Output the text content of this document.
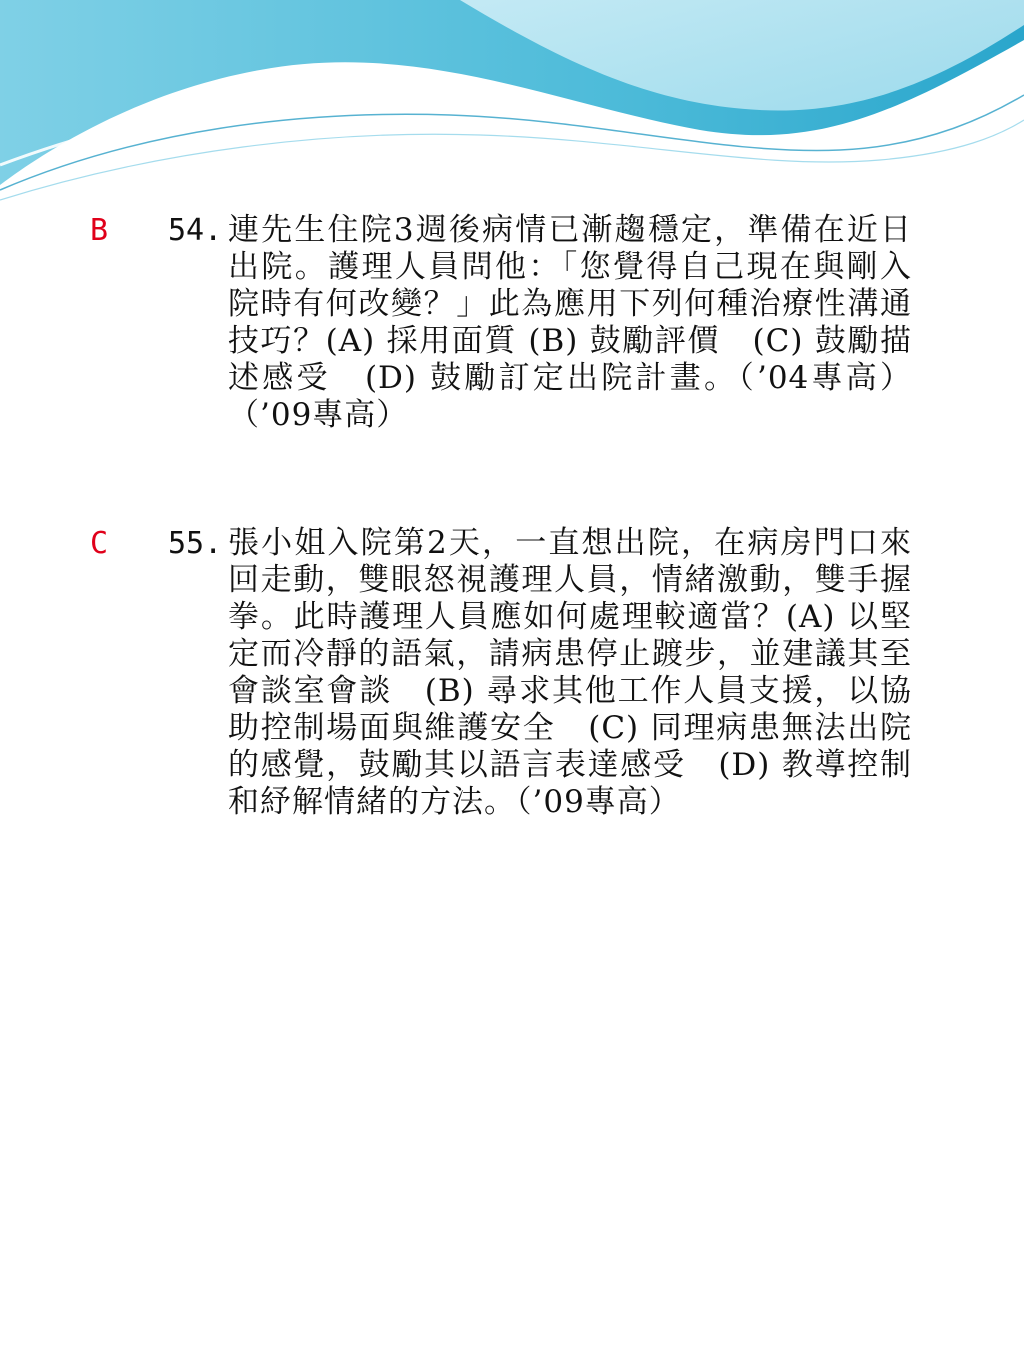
B	54. 連先生住院3週後病情已漸趨穩定，準備在近日出院。護理人員問他：「您覺得自己現在與剛入院時有何改變？」此為應用下列何種治療性溝通技巧？(A) 採用面質 (B) 鼓勵評價　(C) 鼓勵描述感受　(D) 鼓勵訂定出院計畫。（’04專高）（’09專高）
C	55. 張小姐入院第2天，一直想出院，在病房門口來回走動，雙眼怒視護理人員，情緒激動，雙手握拳。此時護理人員應如何處理較適當？(A) 以堅定而冷靜的語氣，請病患停止踱步，並建議其至會談室會談　(B) 尋求其他工作人員支援，以協助控制場面與維護安全　(C) 同理病患無法出院的感覺，鼓勵其以語言表達感受　(D) 教導控制和紓解情緒的方法。（’09專高）
